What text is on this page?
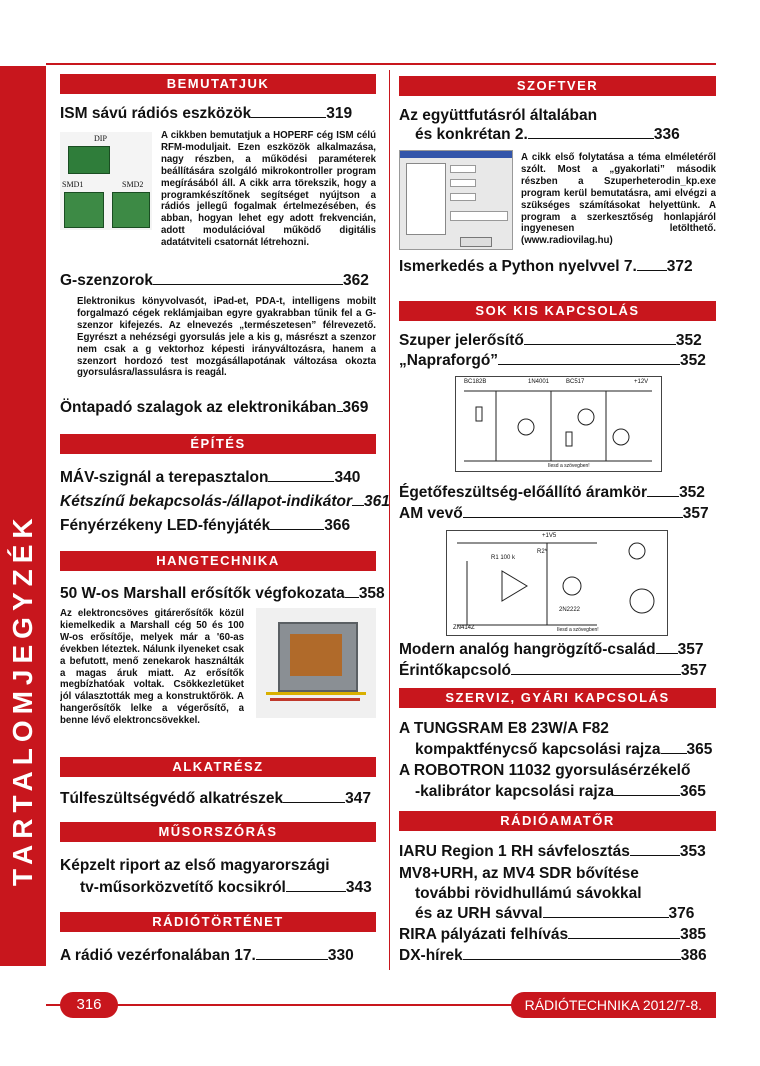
TARTALOMJEGYZÉK
BEMUTATJUK
ISM sávú rádiós eszközök	319
DIP
SMD1	SMD2
A cikkben bemutatjuk a HOPERF cég ISM célú RFM-moduljait. Ezen eszközök alkalmazása, nagy részben, a működési paraméterek beállítására szolgáló mikrokontroller program megírásából áll. A cikk arra törekszik, hogy a programkészítőnek segítséget nyújtson a rádiós jellegű fogalmak értelmezésében, és abban, hogyan lehet egy adott frekvencián, adott modulációval működő digitális adatátviteli csatornát létrehozni.
G-szenzorok	362
Elektronikus könyvolvasót, iPad-et, PDA-t, intelligens mobilt forgalmazó cégek reklámjaiban egyre gyakrabban tűnik fel a G-szenzor kifejezés. Az elnevezés „természetesen” félrevezető. Egyrészt a nehézségi gyorsulás jele a kis g, másrészt a szenzor nem csak a g vektorhoz képesti irányváltozásra, hanem a szenzort hordozó test mozgásállapotának változása okozta gyorsulásra/lassulásra is reagál.
Öntapadó szalagok az elektronikában 369
ÉPÍTÉS
MÁV-szignál a terepasztalon	340
Kétszínű bekapcsolás-/állapot-indikátor 361
Fényérzékeny LED-fényjáték	366
HANGTECHNIKA
50 W-os Marshall erősítők végfokozata 358
Az elektroncsöves gitárerősítők közül kiemelkedik a Marshall cég 50 és 100 W-os erősítője, melyek már a '60-as években léteztek. Nálunk ilyeneket csak a befutott, menő zenekarok használták a magas áruk miatt. Az erősítők megbízhatóak voltak. Csökkezletüket jól választották meg a konstruktőrök. A hangerősítők lelke a végerősítő, a benne lévő elektroncsövekkel.
ALKATRÉSZ
Túlfeszültségvédő alkatrészek	347
MŰSORSZÓRÁS
Képzelt riport az első magyarországi
tv-műsorközvetítő kocsikról	343
RÁDIÓTÖRTÉNET
A rádió vezérfonalában 17.	330
SZOFTVER
Az együttfutásról általában
és konkrétan 2.	336
A cikk első folytatása a téma elméletéről szólt. Most a „gyakorlati” második részben a Szuperheterodin_kp.exe program kerül bemutatásra, ami elvégzi a szükséges számításokat helyettünk. A program a szerkesztőség honlapjáról ingyenesen letölthető. (www.radiovilag.hu)
Ismerkedés a Python nyelvvel 7. 372
SOK KIS KAPCSOLÁS
Szuper jelerősítő	352
„Napraforgó”	352
BC182B	1N4001	BC517	+12V
Ilesd a szövegben!
Égetőfeszültség-előállító áramkör 352
AM vevő	357
+1V5
R1 100 k
R2*
ZN414Z
2N2222
Ilesd a szövegben!
Modern analóg hangrögzítő-család 357
Érintőkapcsoló	357
SZERVIZ, GYÁRI KAPCSOLÁS
A TUNGSRAM E8 23W/A F82
kompaktfénycső kapcsolási rajza 365
A ROBOTRON 11032 gyorsulásérzékelő
-kalibrátor kapcsolási rajza	365
RÁDIÓAMATŐR
IARU Region 1 RH sávfelosztás	353
MV8+URH, az MV4 SDR bővítése
további rövidhullámú sávokkal
és az URH sávval	376
RIRA pályázati felhívás	385
DX-hírek	386
316	RÁDIÓTECHNIKA 2012/7-8.
